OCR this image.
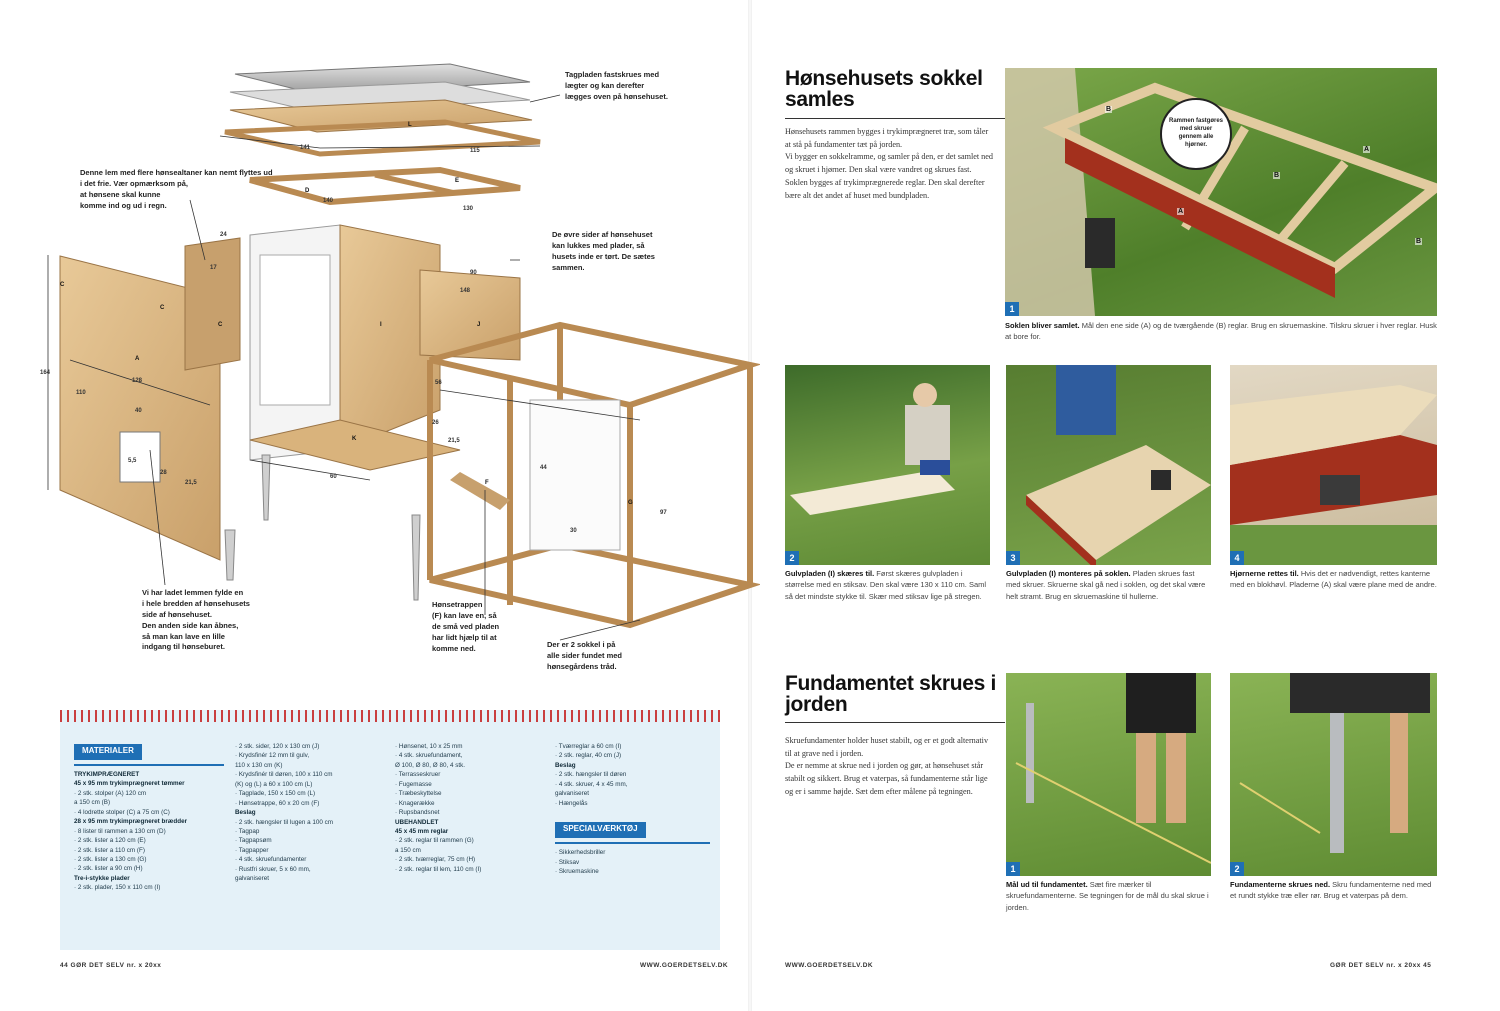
Tagpladen fastskrues med
lægter og kan derefter
lægges oven på hønsehuset.
Denne lem med flere hønsealtaner kan nemt flyttes ud
i det frie. Vær opmærksom på,
at hønsene skal kunne
komme ind og ud i regn.
De øvre sider af hønsehuset
kan lukkes med plader, så
husets inde er tørt. De sætes
sammen.
Vi har ladet lemmen fylde en
i hele bredden af hønsehusets
side af hønsehuset.
Den anden side kan åbnes,
så man kan lave en lille
indgang til hønseburet.
Hønsetrappen
(F) kan lave en, så
de små ved pladen
har lidt hjælp til at
komme ned.	Der er 2 sokkel i på
alle sider fundet med
hønsegårdens tråd.
141	115
140
130
90
24
17
164
128
110
40
21,5
60
56
30
21,5
26
44
97
5,5
28
148
L
D
E
I
K
A
C
C
C
F
G
J
MATERIALER
TRYKIMPRÆGNERET
45 x 95 mm trykimprægneret tømmer
· 2 stk. stolper (A) 120 cm
a 150 cm (B)
· 4 lodrette stolper (C) a 75 cm (C)
28 x 95 mm trykimprægneret brædder
· 8 lister til rammen a 130 cm (D)
· 2 stk. lister a 120 cm (E)
· 2 stk. lister a 110 cm (F)
· 2 stk. lister a 130 cm (G)
· 2 stk. lister a 90 cm (H)
Tre-i-stykke plader
· 2 stk. plader, 150 x 110 cm (I)
· 2 stk. sider, 120 x 130 cm (J)
· Krydsfinér 12 mm til gulv,
110 x 130 cm (K)
· Krydsfinér til døren, 100 x 110 cm
(K) og (L) a 60 x 100 cm (L)
· Tagplade, 150 x 150 cm (L)
· Hønsetrappe, 60 x 20 cm (F)
Beslag
· 2 stk. hængsler til lugen a 100 cm
· Tagpap
· Tagpapsøm
· Tagpapper
· 4 stk. skruefundamenter
· Rustfri skruer, 5 x 60 mm,
galvaniseret
· Hønsenet, 10 x 25 mm
· 4 stk. skruefundament,
Ø 100, Ø 80, Ø 80, 4 stk.
· Terrasseskruer
· Fugemasse
· Træbeskyttelse
· Knagerække
· Rupsbandsnet
UBEHANDLET
45 x 45 mm reglar
· 2 stk. reglar til rammen (G)
a 150 cm
· 2 stk. tværreglar, 75 cm (H)
· 2 stk. reglar til lem, 110 cm (I)
· Tværreglar a 60 cm (I)
· 2 stk. reglar, 40 cm (J)
Beslag
· 2 stk. hængsler til døren
· 4 stk. skruer, 4 x 45 mm,
galvaniseret
· Hængelås
SPECIALVÆRKTØJ
· Sikkerhedsbriller
· Stiksav
· Skruemaskine
44 GØR DET SELV nr. x 20xx	WWW.GOERDETSELV.DK	WWW.GOERDETSELV.DK	GØR DET SELV nr. x 20xx 45
Hønsehusets sokkel samles
Hønsehusets rammen bygges i trykimprægneret træ, som tåler at stå på fundamenter tæt på jorden.
Vi bygger en sokkelramme, og samler på den, er det samlet ned og skruet i hjørner. Den skal være vandret og skrues fast.
Soklen bygges af trykimprægnerede reglar. Den skal derefter bære alt det andet af huset med bundpladen.
Rammen fastgøres med skruer gennem alle hjørner.
B
A
B
A
B
1
Soklen bliver samlet. Mål den ene side (A) og de tværgående (B) reglar. Brug en skruemaskine. Tilskru skruer i hver reglar. Husk at bore for.
2
Gulvpladen (I) skæres til. Først skæres gulvpladen i størrelse med en stiksav. Den skal være 130 x 110 cm. Saml så det mindste stykke til. Skær med stiksav lige på stregen.
3
Gulvpladen (I) monteres på soklen. Pladen skrues fast med skruer. Skruerne skal gå ned i soklen, og det skal være helt stramt. Brug en skruemaskine til hullerne.
4
Hjørnerne rettes til. Hvis det er nødvendigt, rettes kanterne med en blokhøvl. Pladerne (A) skal være plane med de andre.
Fundamentet skrues i jorden
Skruefundamenter holder huset stabilt, og er et godt alternativ til at grave ned i jorden.
De er nemme at skrue ned i jorden og gør, at hønsehuset står stabilt og sikkert. Brug et vaterpas, så fundamenterne står lige og er i samme højde. Sæt dem efter målene på tegningen.
1
Mål ud til fundamentet. Sæt fire mærker til skruefundamenterne. Se tegningen for de mål du skal skrue i jorden.
2
Fundamenterne skrues ned. Skru fundamenterne ned med et rundt stykke træ eller rør. Brug et vaterpas på dem.
